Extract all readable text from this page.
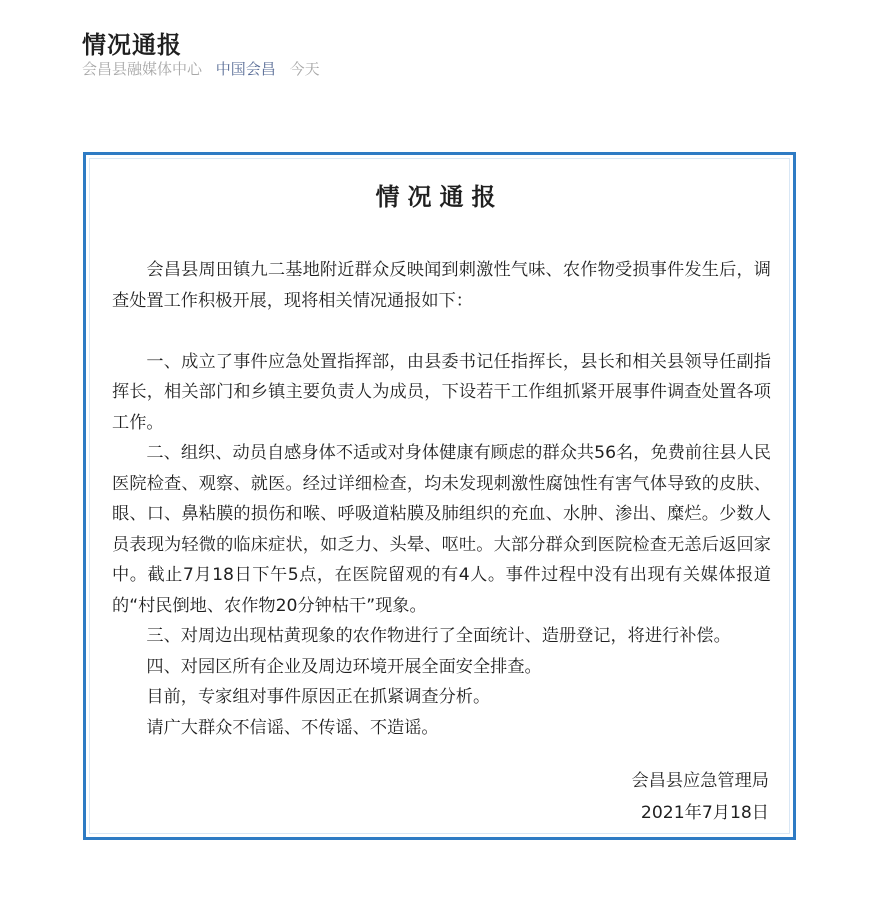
情况通报
会昌县融媒体中心 中国会昌 今天
情况通报

会昌县周田镇九二基地附近群众反映闻到刺激性气味、农作物受损事件发生后，调查处置工作积极开展，现将相关情况通报如下：

一、成立了事件应急处置指挥部，由县委书记任指挥长，县长和相关县领导任副指挥长，相关部门和乡镇主要负责人为成员，下设若干工作组抓紧开展事件调查处置各项工作。

二、组织、动员自感身体不适或对身体健康有顾虑的群众共56名，免费前往县人民医院检查、观察、就医。经过详细检查，均未发现刺激性腐蚀性有害气体导致的皮肤、眼、口、鼻粘膜的损伤和喉、呼吸道粘膜及肺组织的充血、水肿、渗出、糜烂。少数人员表现为轻微的临床症状，如乏力、头晕、呕吐。大部分群众到医院检查无恙后返回家中。截止7月18日下午5点，在医院留观的有4人。事件过程中没有出现有关媒体报道的“村民倒地、农作物20分钟枯干”现象。

三、对周边出现枯黄现象的农作物进行了全面统计、造册登记，将进行补偿。

四、对园区所有企业及周边环境开展全面安全排查。

目前，专家组对事件原因正在抓紧调查分析。

请广大群众不信谣、不传谣、不造谣。

会昌县应急管理局
2021年7月18日
